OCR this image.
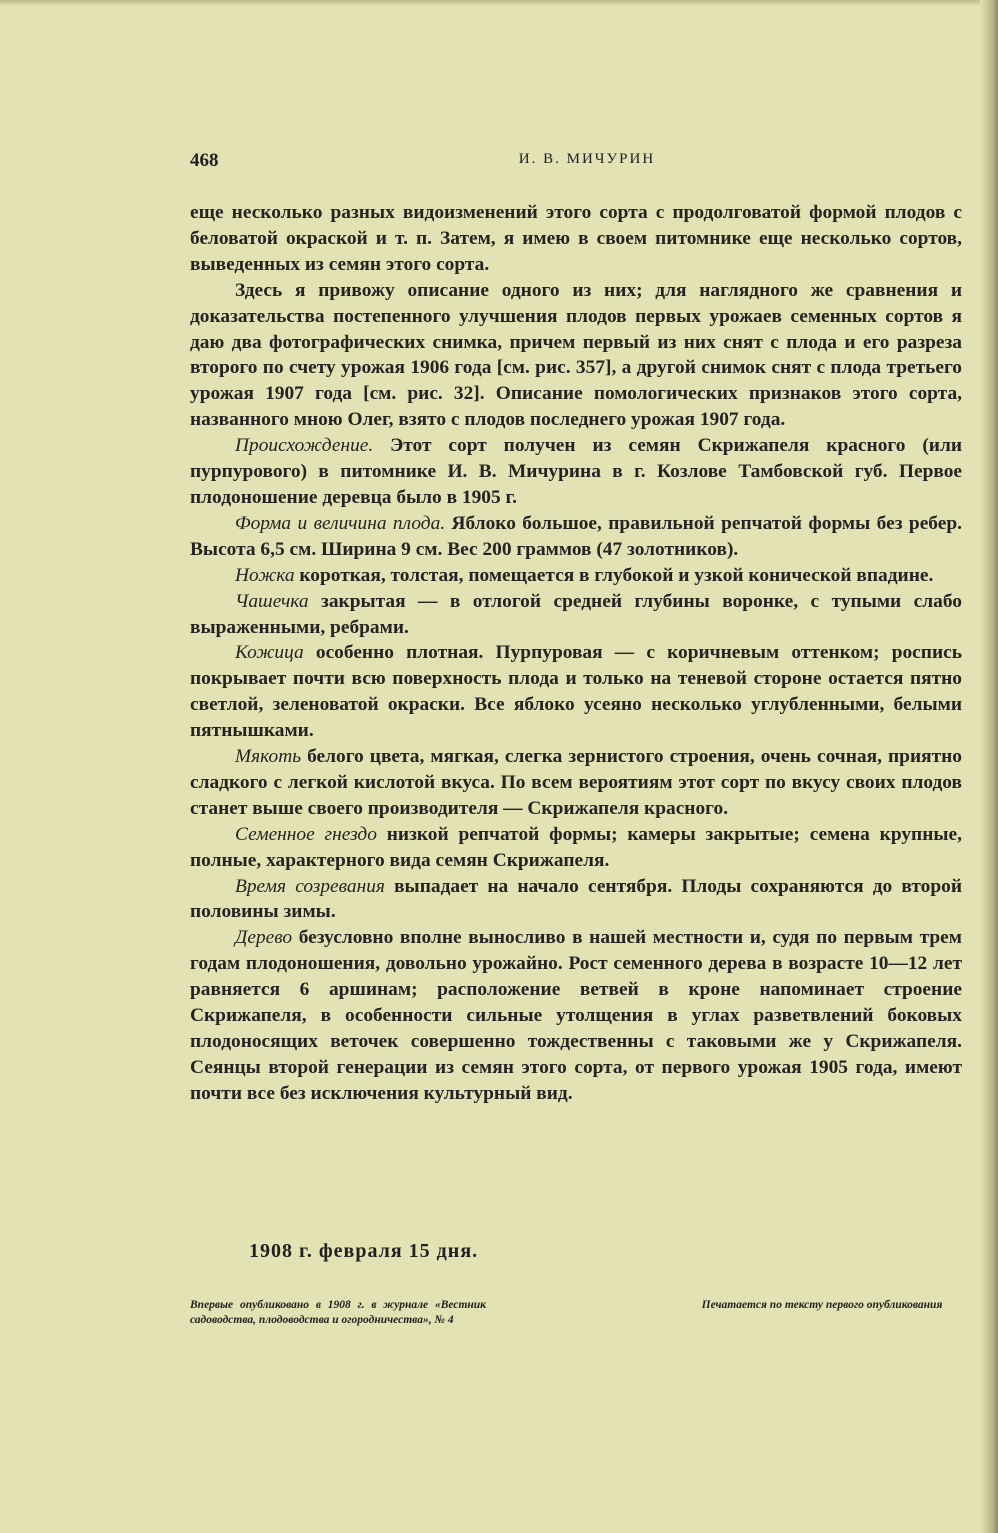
468	И. В. МИЧУРИН

еще несколько разных видоизменений этого сорта с продолговатой формой плодов с беловатой окраской и т. п. Затем, я имею в своем питомнике еще несколько сортов, выведенных из семян этого сорта.

Здесь я привожу описание одного из них; для наглядного же сравнения и доказательства постепенного улучшения плодов первых урожаев семенных сортов я даю два фотографических снимка, причем первый из них снят с плода и его разреза второго по счету урожая 1906 года [см. рис. 357], а другой снимок снят с плода третьего урожая 1907 года [см. рис. 32]. Описание помологических признаков этого сорта, названного мною Олег, взято с плодов последнего урожая 1907 года.

Происхождение. Этот сорт получен из семян Скрижапеля красного (или пурпурового) в питомнике И. В. Мичурина в г. Козлове Тамбовской губ. Первое плодоношение деревца было в 1905 г.

Форма и величина плода. Яблоко большое, правильной репчатой формы без ребер. Высота 6,5 см. Ширина 9 см. Вес 200 граммов (47 золотников).

Ножка короткая, толстая, помещается в глубокой и узкой конической впадине.

Чашечка закрытая — в отлогой средней глубины воронке, с тупыми слабо выраженными, ребрами.

Кожица особенно плотная. Пурпуровая — с коричневым оттенком; роспись покрывает почти всю поверхность плода и только на теневой стороне остается пятно светлой, зеленоватой окраски. Все яблоко усеяно несколько углубленными, белыми пятнышками.

Мякоть белого цвета, мягкая, слегка зернистого строения, очень сочная, приятно сладкого с легкой кислотой вкуса. По всем вероятиям этот сорт по вкусу своих плодов станет выше своего производителя — Скрижапеля красного.

Семенное гнездо низкой репчатой формы; камеры закрытые; семена крупные, полные, характерного вида семян Скрижапеля.

Время созревания выпадает на начало сентября. Плоды сохраняются до второй половины зимы.

Дерево безусловно вполне выносливо в нашей местности и, судя по первым трем годам плодоношения, довольно урожайно. Рост семенного дерева в возрасте 10—12 лет равняется 6 аршинам; расположение ветвей в кроне напоминает строение Скрижапеля, в особенности сильные утолщения в углах разветвлений боковых плодоносящих веточек совершенно тождественны с таковыми же у Скрижапеля. Сеянцы второй генерации из семян этого сорта, от первого урожая 1905 года, имеют почти все без исключения культурный вид.

1908 г. февраля 15 дня.
Впервые опубликовано в 1908 г. в журнале «Вестник садоводства, плодоводства и огородничества», № 4
Печатается по тексту первого опубликования
